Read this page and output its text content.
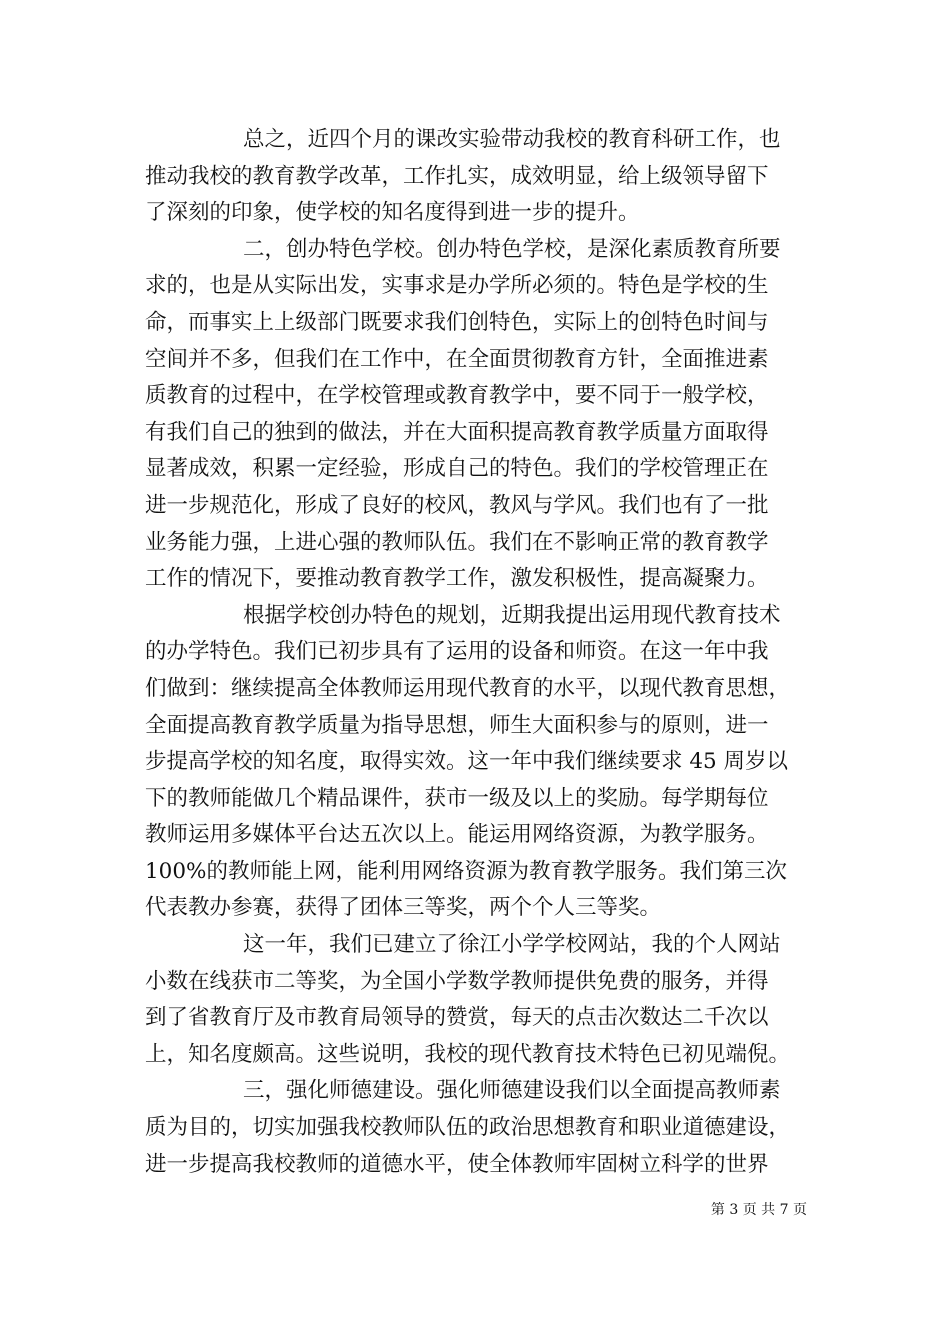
总之，近四个月的课改实验带动我校的教育科研工作，也

推动我校的教育教学改革，工作扎实，成效明显，给上级领导留下

了深刻的印象，使学校的知名度得到进一步的提升。

二，创办特色学校。创办特色学校，是深化素质教育所要

求的，也是从实际出发，实事求是办学所必须的。特色是学校的生

命，而事实上上级部门既要求我们创特色，实际上的创特色时间与

空间并不多，但我们在工作中，在全面贯彻教育方针，全面推进素

质教育的过程中，在学校管理或教育教学中，要不同于一般学校，

有我们自己的独到的做法，并在大面积提高教育教学质量方面取得

显著成效，积累一定经验，形成自己的特色。我们的学校管理正在

进一步规范化，形成了良好的校风，教风与学风。我们也有了一批

业务能力强，上进心强的教师队伍。我们在不影响正常的教育教学

工作的情况下，要推动教育教学工作，激发积极性，提高凝聚力。

根据学校创办特色的规划，近期我提出运用现代教育技术

的办学特色。我们已初步具有了运用的设备和师资。在这一年中我

们做到：继续提高全体教师运用现代教育的水平，以现代教育思想，

全面提高教育教学质量为指导思想，师生大面积参与的原则，进一

步提高学校的知名度，取得实效。这一年中我们继续要求 45 周岁以

下的教师能做几个精品课件，获市一级及以上的奖励。每学期每位

教师运用多媒体平台达五次以上。能运用网络资源，为教学服务。

100%的教师能上网，能利用网络资源为教育教学服务。我们第三次

代表教办参赛，获得了团体三等奖，两个个人三等奖。

这一年，我们已建立了徐江小学学校网站，我的个人网站

小数在线获市二等奖，为全国小学数学教师提供免费的服务，并得

到了省教育厅及市教育局领导的赞赏，每天的点击次数达二千次以

上，知名度颇高。这些说明，我校的现代教育技术特色已初见端倪。

三，强化师德建设。强化师德建设我们以全面提高教师素

质为目的，切实加强我校教师队伍的政治思想教育和职业道德建设，

进一步提高我校教师的道德水平，使全体教师牢固树立科学的世界

第 3 页 共 7 页
